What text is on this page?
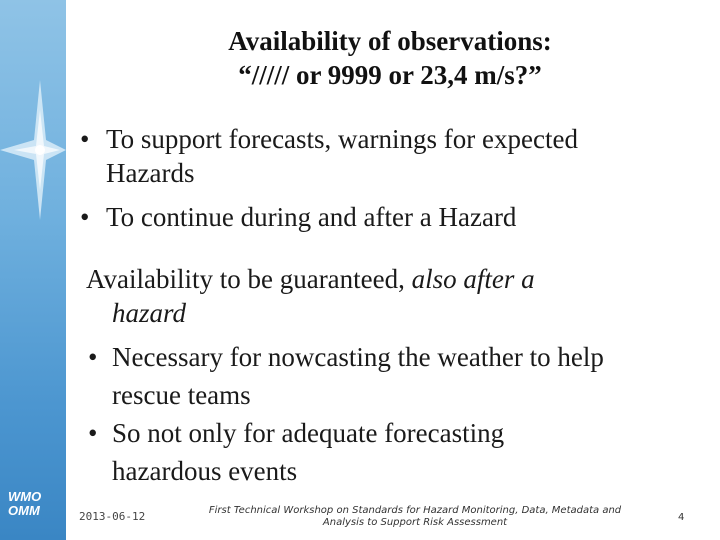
WMO
OMM
Availability of observations:
“///// or 9999 or 23,4 m/s?”
• To support forecasts, warnings for expected
Hazards
• To continue during and after a Hazard
Availability to be guaranteed, also after a
hazard
• Necessary for nowcasting the weather to help
rescue teams
• So not only for adequate forecasting
hazardous events
2013-06-12	First Technical Workshop on Standards for Hazard Monitoring, Data, Metadata and
Analysis to Support Risk Assessment	4
